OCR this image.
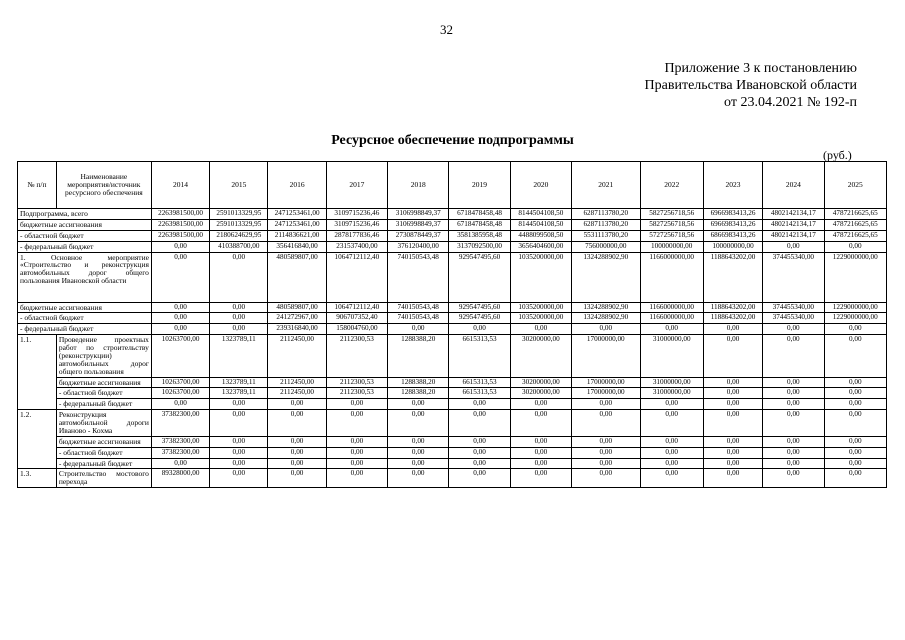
32
Приложение 3 к постановлению
Правительства Ивановской области
от 23.04.2021 № 192-п
Ресурсное обеспечение подпрограммы
(руб.)
№ п/п	Наименование мероприятия/источник ресурсного обеспечения	2014	2015	2016	2017	2018	2019	2020	2021	2022	2023	2024	2025
Подпрограмма, всего		2263981500,00	2591013329,95	2471253461,00	3109715236,46	3106998849,37	6718478458,48	8144504108,50	6287113780,20	5827256718,56	6966983413,26	4802142134,17	4787216625,65
бюджетные ассигнования		2263981500,00	2591013329,95	2471253461,00	3109715236,46	3106998849,37	6718478458,48	8144504108,50	6287113780,20	5827256718,56	6966983413,26	4802142134,17	4787216625,65
- областной бюджет		2263981500,00	2180624629,95	2114836621,00	2878177836,46	2730878449,37	3581385958,48	4488099508,50	5531113780,20	5727256718,56	6866983413,26	4802142134,17	4787216625,65
- федеральный бюджет		0,00	410388700,00	356416840,00	231537400,00	376120400,00	3137092500,00	3656404600,00	756000000,00	100000000,00	100000000,00	0,00	0,00
1. Основное мероприятие «Строительство и реконструкция автомобильных дорог общего пользования Ивановской области		0,00	0,00	480589807,00	1064712112,40	740150543,48	929547495,60	1035200000,00	1324288902,90	1166000000,00	1188643202,00	374455340,00	1229000000,00
бюджетные ассигнования		0,00	0,00	480589807,00	1064712112,40	740150543,48	929547495,60	1035200000,00	1324288902,90	1166000000,00	1188643202,00	374455340,00	1229000000,00
- областной бюджет		0,00	0,00	241272967,00	906707352,40	740150543,48	929547495,60	1035200000,00	1324288902,90	1166000000,00	1188643202,00	374455340,00	1229000000,00
- федеральный бюджет		0,00	0,00	239316840,00	158004760,00	0,00	0,00	0,00	0,00	0,00	0,00	0,00	0,00
1.1.	Проведение проектных работ по строительству (реконструкции) автомобильных дорог общего пользования	10263700,00	1323789,11	2112450,00	2112300,53	1288388,20	6615313,53	30200000,00	17000000,00	31000000,00	0,00	0,00	0,00
	бюджетные ассигнования	10263700,00	1323789,11	2112450,00	2112300,53	1288388,20	6615313,53	30200000,00	17000000,00	31000000,00	0,00	0,00	0,00
	- областной бюджет	10263700,00	1323789,11	2112450,00	2112300,53	1288388,20	6615313,53	30200000,00	17000000,00	31000000,00	0,00	0,00	0,00
	- федеральный бюджет	0,00	0,00	0,00	0,00	0,00	0,00	0,00	0,00	0,00	0,00	0,00	0,00
1.2.	Реконструкция автомобильной дороги Иваново - Кохма	37382300,00	0,00	0,00	0,00	0,00	0,00	0,00	0,00	0,00	0,00	0,00	0,00
	бюджетные ассигнования	37382300,00	0,00	0,00	0,00	0,00	0,00	0,00	0,00	0,00	0,00	0,00	0,00
	- областной бюджет	37382300,00	0,00	0,00	0,00	0,00	0,00	0,00	0,00	0,00	0,00	0,00	0,00
	- федеральный бюджет	0,00	0,00	0,00	0,00	0,00	0,00	0,00	0,00	0,00	0,00	0,00	0,00
1.3.	Строительство мостового перехода	89328000,00	0,00	0,00	0,00	0,00	0,00	0,00	0,00	0,00	0,00	0,00	0,00
